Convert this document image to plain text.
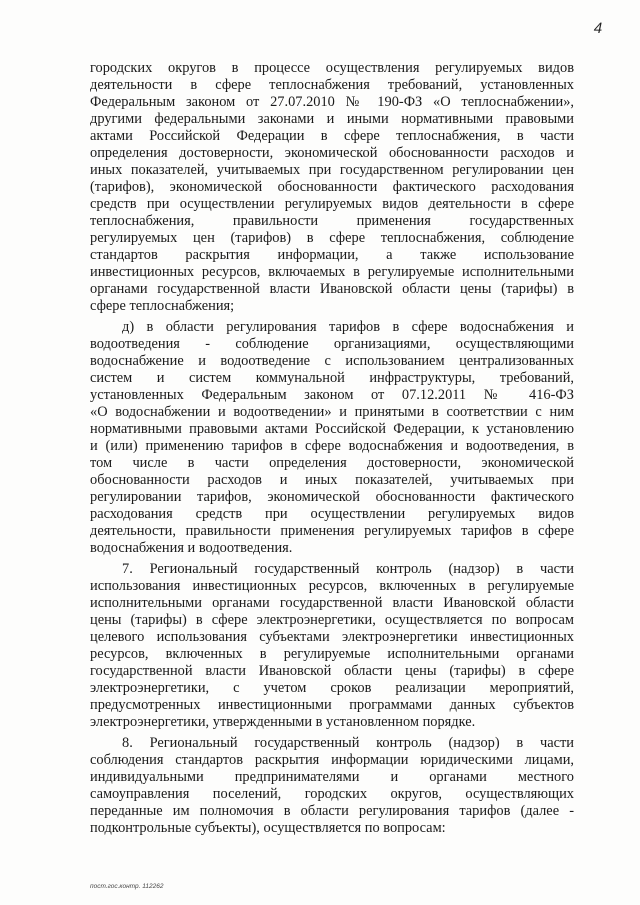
4

городских округов в процессе осуществления регулируемых видов

деятельности в сфере теплоснабжения требований, установленных

Федеральным законом от 27.07.2010 № 190-ФЗ «О теплоснабжении»,

другими федеральными законами и иными нормативными правовыми

актами Российской Федерации в сфере теплоснабжения, в части

определения достоверности, экономической обоснованности расходов и

иных показателей, учитываемых при государственном регулировании цен

(тарифов), экономической обоснованности фактического расходования

средств при осуществлении регулируемых видов деятельности в сфере

теплоснабжения, правильности применения государственных

регулируемых цен (тарифов) в сфере теплоснабжения, соблюдение

стандартов раскрытия информации, а также использование

инвестиционных ресурсов, включаемых в регулируемые исполнительными

органами государственной власти Ивановской области цены (тарифы) в

сфере теплоснабжения;

д) в области регулирования тарифов в сфере водоснабжения и

водоотведения - соблюдение организациями, осуществляющими

водоснабжение и водоотведение с использованием централизованных

систем и систем коммунальной инфраструктуры, требований,

установленных Федеральным законом от 07.12.2011 № 416-ФЗ

«О водоснабжении и водоотведении» и принятыми в соответствии с ним

нормативными правовыми актами Российской Федерации, к установлению

и (или) применению тарифов в сфере водоснабжения и водоотведения, в

том числе в части определения достоверности, экономической

обоснованности расходов и иных показателей, учитываемых при

регулировании тарифов, экономической обоснованности фактического

расходования средств при осуществлении регулируемых видов

деятельности, правильности применения регулируемых тарифов в сфере

водоснабжения и водоотведения.

7. Региональный государственный контроль (надзор) в части

использования инвестиционных ресурсов, включенных в регулируемые

исполнительными органами государственной власти Ивановской области

цены (тарифы) в сфере электроэнергетики, осуществляется по вопросам

целевого использования субъектами электроэнергетики инвестиционных

ресурсов, включенных в регулируемые исполнительными органами

государственной власти Ивановской области цены (тарифы) в сфере

электроэнергетики, с учетом сроков реализации мероприятий,

предусмотренных инвестиционными программами данных субъектов

электроэнергетики, утвержденными в установленном порядке.

8. Региональный государственный контроль (надзор) в части

соблюдения стандартов раскрытия информации юридическими лицами,

индивидуальными предпринимателями и органами местного

самоуправления поселений, городских округов, осуществляющих

переданные им полномочия в области регулирования тарифов (далее -

подконтрольные субъекты), осуществляется по вопросам:

пост.гос.контр. 112262
